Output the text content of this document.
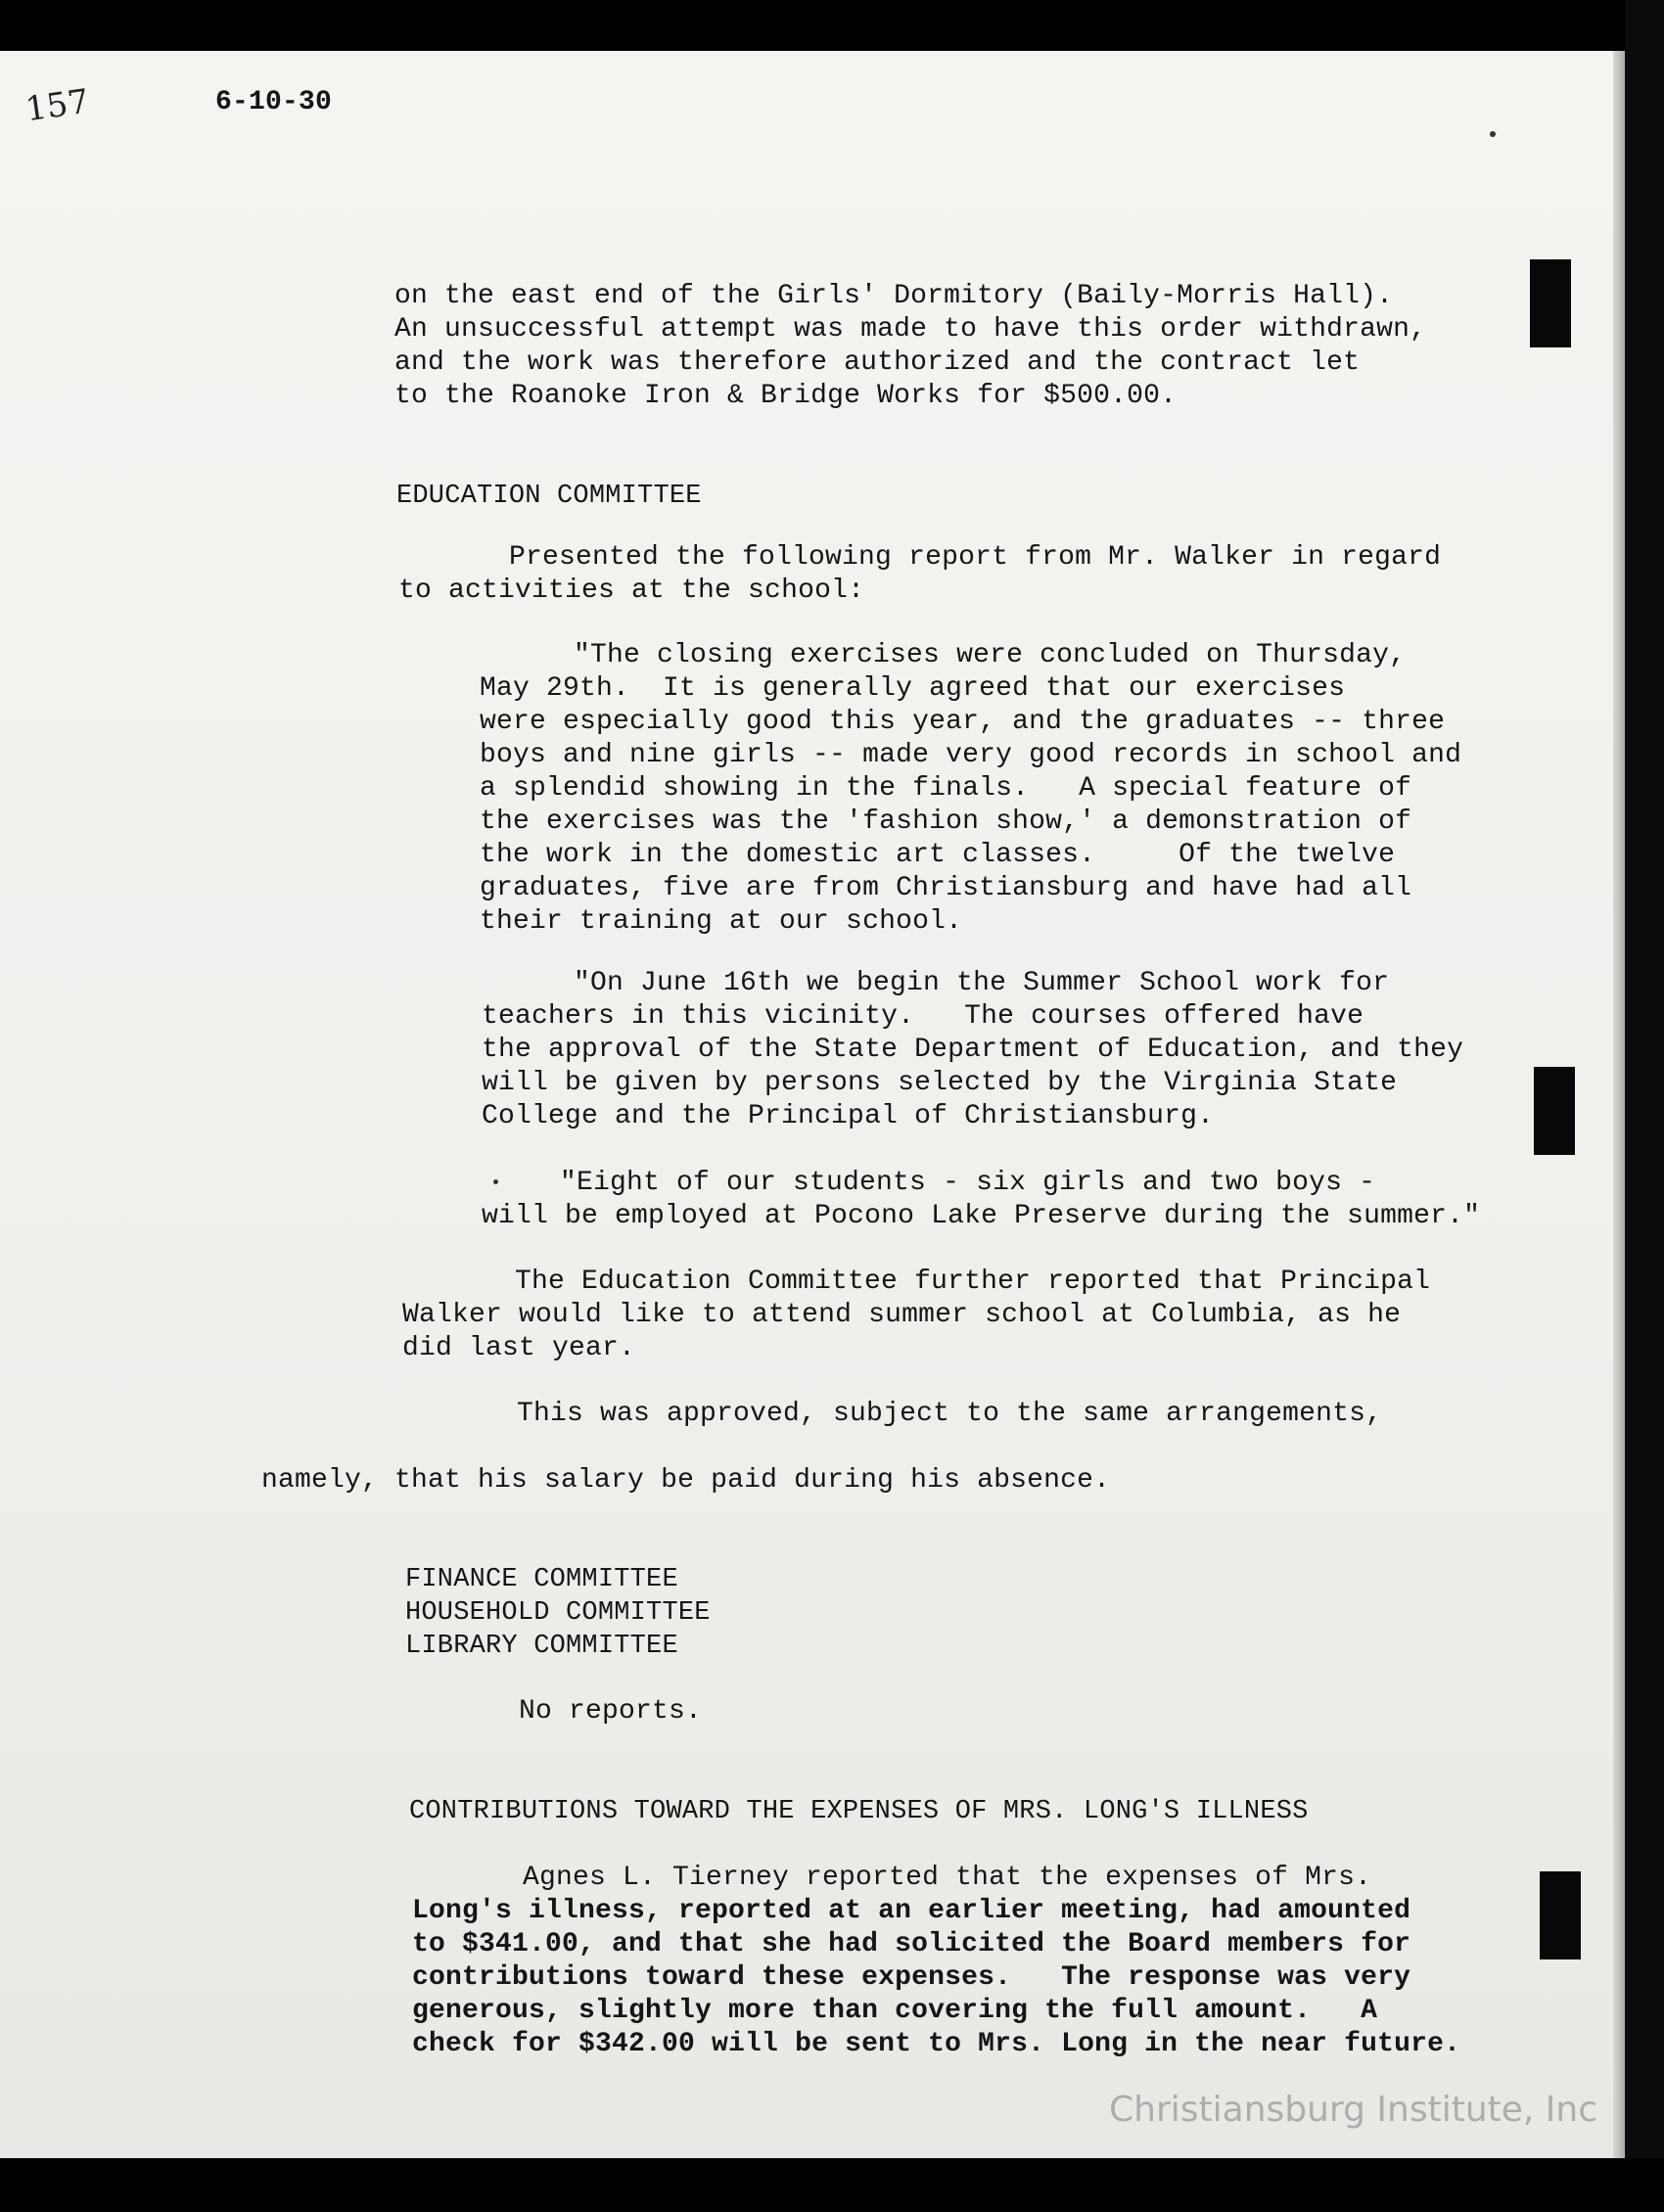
157	6-10-30
on the east end of the Girls' Dormitory (Baily-Morris Hall).
An unsuccessful attempt was made to have this order withdrawn,
and the work was therefore authorized and the contract let
to the Roanoke Iron & Bridge Works for $500.00.
EDUCATION COMMITTEE
Presented the following report from Mr. Walker in regard
to activities at the school:
"The closing exercises were concluded on Thursday,
May 29th.  It is generally agreed that our exercises
were especially good this year, and the graduates -- three
boys and nine girls -- made very good records in school and
a splendid showing in the finals.   A special feature of
the exercises was the 'fashion show,' a demonstration of
the work in the domestic art classes.     Of the twelve
graduates, five are from Christiansburg and have had all
their training at our school.
"On June 16th we begin the Summer School work for
teachers in this vicinity.   The courses offered have
the approval of the State Department of Education, and they
will be given by persons selected by the Virginia State
College and the Principal of Christiansburg.
"Eight of our students - six girls and two boys -
will be employed at Pocono Lake Preserve during the summer."
The Education Committee further reported that Principal
Walker would like to attend summer school at Columbia, as he
did last year.
This was approved, subject to the same arrangements,
namely, that his salary be paid during his absence.
FINANCE COMMITTEE
HOUSEHOLD COMMITTEE
LIBRARY COMMITTEE
No reports.
CONTRIBUTIONS TOWARD THE EXPENSES OF MRS. LONG'S ILLNESS
Agnes L. Tierney reported that the expenses of Mrs.
Long's illness, reported at an earlier meeting, had amounted
to $341.00, and that she had solicited the Board members for
contributions toward these expenses.   The response was very
generous, slightly more than covering the full amount.   A
check for $342.00 will be sent to Mrs. Long in the near future.
Christiansburg Institute, Inc
